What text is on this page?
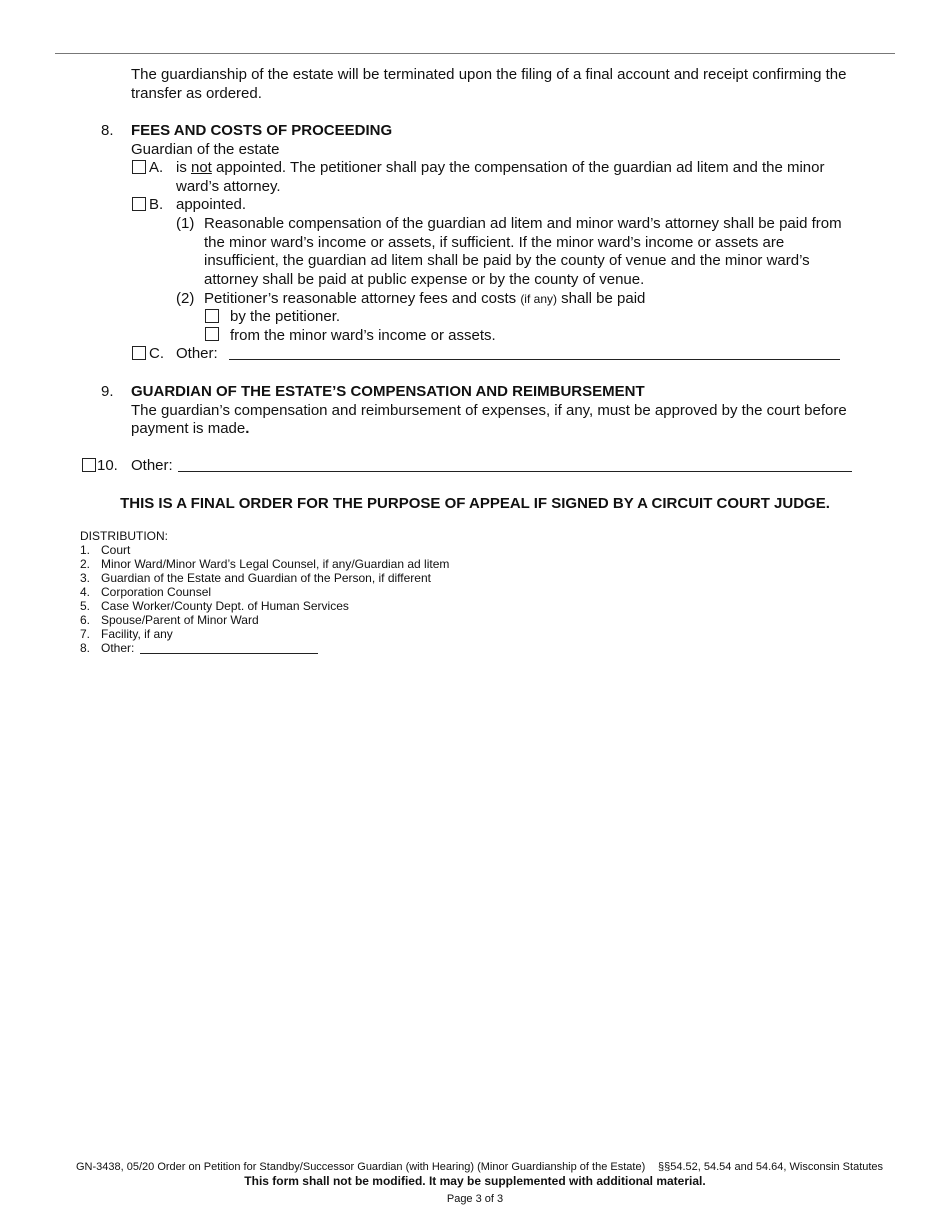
The guardianship of the estate will be terminated upon the filing of a final account and receipt confirming the
transfer as ordered.
8. FEES AND COSTS OF PROCEEDING
Guardian of the estate
A. is not appointed. The petitioner shall pay the compensation of the guardian ad litem and the minor
ward’s attorney.
B. appointed.
(1) Reasonable compensation of the guardian ad litem and minor ward’s attorney shall be paid from
the minor ward’s income or assets, if sufficient. If the minor ward’s income or assets are
insufficient, the guardian ad litem shall be paid by the county of venue and the minor ward’s
attorney shall be paid at public expense or by the county of venue.
(2) Petitioner’s reasonable attorney fees and costs (if any) shall be paid
by the petitioner.
from the minor ward’s income or assets.
C. Other:
9. GUARDIAN OF THE ESTATE’S COMPENSATION AND REIMBURSEMENT
The guardian’s compensation and reimbursement of expenses, if any, must be approved by the court before
payment is made.
10. Other:
THIS IS A FINAL ORDER FOR THE PURPOSE OF APPEAL IF SIGNED BY A CIRCUIT COURT JUDGE.
DISTRIBUTION:
1. Court
2. Minor Ward/Minor Ward’s Legal Counsel, if any/Guardian ad litem
3. Guardian of the Estate and Guardian of the Person, if different
4. Corporation Counsel
5. Case Worker/County Dept. of Human Services
6. Spouse/Parent of Minor Ward
7. Facility, if any
8. Other:
GN-3438, 05/20 Order on Petition for Standby/Successor Guardian (with Hearing) (Minor Guardianship of the Estate) §§54.52, 54.54 and 54.64, Wisconsin Statutes
This form shall not be modified. It may be supplemented with additional material.
Page 3 of 3
